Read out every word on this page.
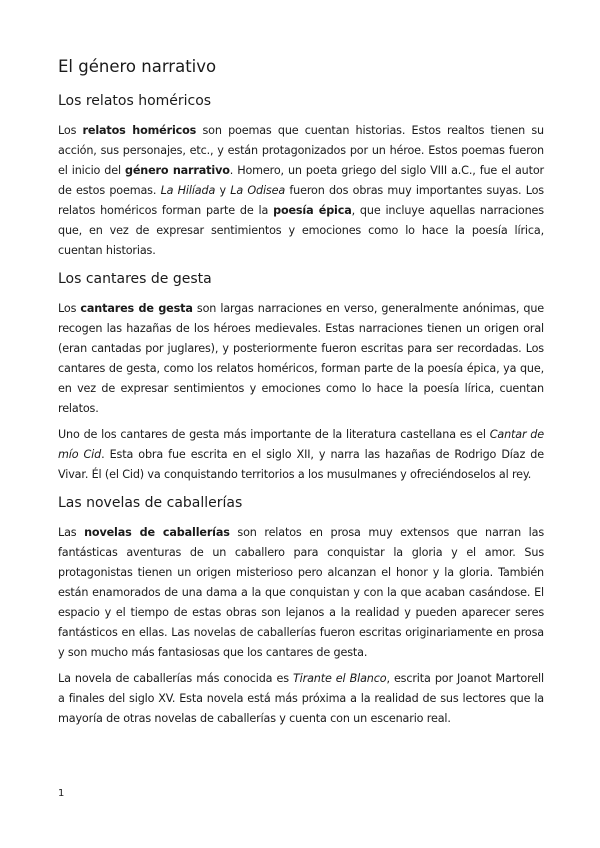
El género narrativo
Los relatos homéricos

Los relatos homéricos son poemas que cuentan historias. Estos realtos tienen su acción, sus personajes, etc., y están protagonizados por un héroe. Estos poemas fueron el inicio del género narrativo. Homero, un poeta griego del siglo VIII a.C., fue el autor de estos poemas. La Hilíada y La Odisea fueron dos obras muy importantes suyas. Los relatos homéricos forman parte de la poesía épica, que incluye aquellas narraciones que, en vez de expresar sentimientos y emociones como lo hace la poesía lírica, cuentan historias.

Los cantares de gesta

Los cantares de gesta son largas narraciones en verso, generalmente anónimas, que recogen las hazañas de los héroes medievales. Estas narraciones tienen un origen oral (eran cantadas por juglares), y posteriormente fueron escritas para ser recordadas. Los cantares de gesta, como los relatos homéricos, forman parte de la poesía épica, ya que, en vez de expresar sentimientos y emociones como lo hace la poesía lírica, cuentan relatos.

Uno de los cantares de gesta más importante de la literatura castellana es el Cantar de mío Cid. Esta obra fue escrita en el siglo XII, y narra las hazañas de Rodrigo Díaz de Vivar. Él (el Cid) va conquistando territorios a los musulmanes y ofreciéndoselos al rey.

Las novelas de caballerías

Las novelas de caballerías son relatos en prosa muy extensos que narran las fantásticas aventuras de un caballero para conquistar la gloria y el amor. Sus protagonistas tienen un origen misterioso pero alcanzan el honor y la gloria. También están enamorados de una dama a la que conquistan y con la que acaban casándose. El espacio y el tiempo de estas obras son lejanos a la realidad y pueden aparecer seres fantásticos en ellas. Las novelas de caballerías fueron escritas originariamente en prosa y son mucho más fantasiosas que los cantares de gesta.

La novela de caballerías más conocida es Tirante el Blanco, escrita por Joanot Martorell a finales del siglo XV. Esta novela está más próxima a la realidad de sus lectores que la mayoría de otras novelas de caballerías y cuenta con un escenario real.

1
